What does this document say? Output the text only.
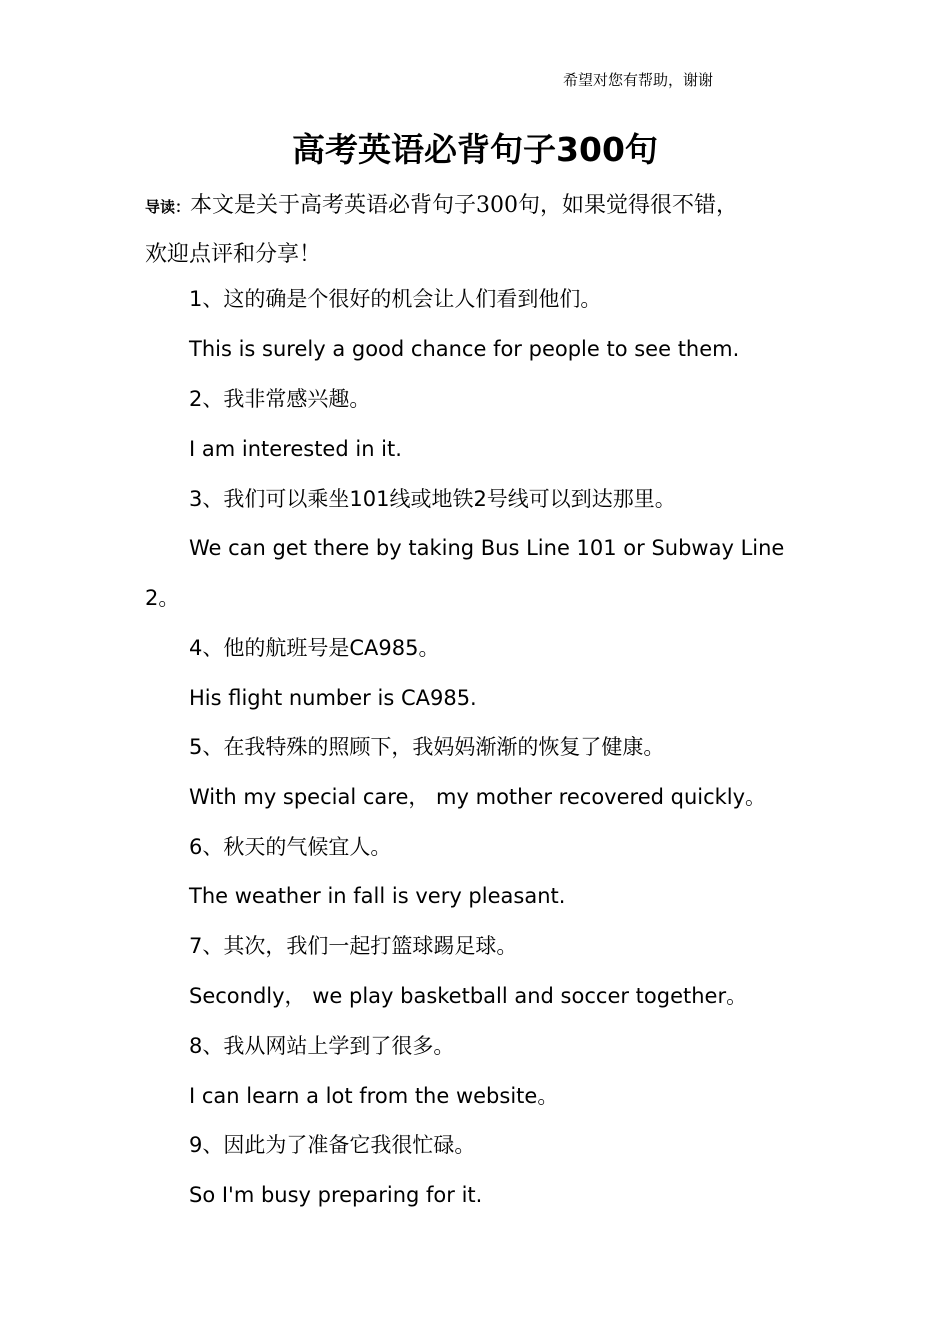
希望对您有帮助，谢谢
高考英语必背句子300句
导读：本文是关于高考英语必背句子300句，如果觉得很不错，
欢迎点评和分享！
1、这的确是个很好的机会让人们看到他们。
This is surely a good chance for people to see them.
2、我非常感兴趣。
I am interested in it.
3、我们可以乘坐101线或地铁2号线可以到达那里。
We can get there by taking Bus Line 101 or Subway Line
2。
4、他的航班号是CA985。
His flight number is CA985.
5、在我特殊的照顾下，我妈妈渐渐的恢复了健康。
With my special care， my mother recovered quickly。
6、秋天的气候宜人。
The weather in fall is very pleasant.
7、其次，我们一起打篮球踢足球。
Secondly， we play basketball and soccer together。
8、我从网站上学到了很多。
I can learn a lot from the website。
9、因此为了准备它我很忙碌。
So I'm busy preparing for it.
